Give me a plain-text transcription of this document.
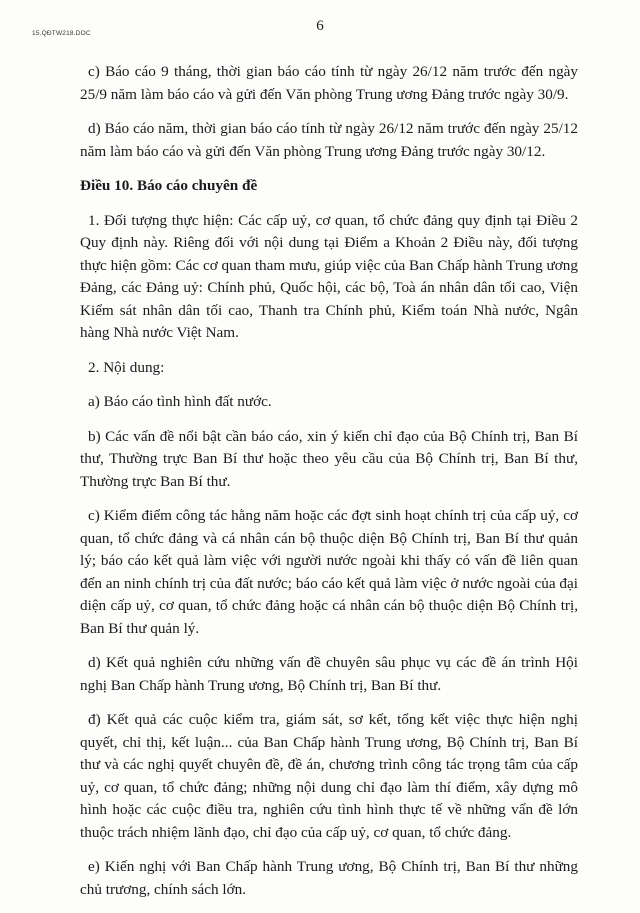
15.QĐTW218.DOC	6

c) Báo cáo 9 tháng, thời gian báo cáo tính từ ngày 26/12 năm trước đến ngày 25/9 năm làm báo cáo và gửi đến Văn phòng Trung ương Đảng trước ngày 30/9.

d) Báo cáo năm, thời gian báo cáo tính từ ngày 26/12 năm trước đến ngày 25/12 năm làm báo cáo và gửi đến Văn phòng Trung ương Đảng trước ngày 30/12.

Điều 10. Báo cáo chuyên đề

1. Đối tượng thực hiện: Các cấp uỷ, cơ quan, tổ chức đảng quy định tại Điều 2 Quy định này. Riêng đối với nội dung tại Điểm a Khoản 2 Điều này, đối tượng thực hiện gồm: Các cơ quan tham mưu, giúp việc của Ban Chấp hành Trung ương Đảng, các Đảng uỷ: Chính phủ, Quốc hội, các bộ, Toà án nhân dân tối cao, Viện Kiểm sát nhân dân tối cao, Thanh tra Chính phủ, Kiểm toán Nhà nước, Ngân hàng Nhà nước Việt Nam.

2. Nội dung:

a) Báo cáo tình hình đất nước.

b) Các vấn đề nổi bật cần báo cáo, xin ý kiến chỉ đạo của Bộ Chính trị, Ban Bí thư, Thường trực Ban Bí thư hoặc theo yêu cầu của Bộ Chính trị, Ban Bí thư, Thường trực Ban Bí thư.

c) Kiểm điểm công tác hằng năm hoặc các đợt sinh hoạt chính trị của cấp uỷ, cơ quan, tổ chức đảng và cá nhân cán bộ thuộc diện Bộ Chính trị, Ban Bí thư quản lý; báo cáo kết quả làm việc với người nước ngoài khi thấy có vấn đề liên quan đến an ninh chính trị của đất nước; báo cáo kết quả làm việc ở nước ngoài của đại diện cấp uỷ, cơ quan, tổ chức đảng hoặc cá nhân cán bộ thuộc diện Bộ Chính trị, Ban Bí thư quản lý.

d) Kết quả nghiên cứu những vấn đề chuyên sâu phục vụ các đề án trình Hội nghị Ban Chấp hành Trung ương, Bộ Chính trị, Ban Bí thư.

đ) Kết quả các cuộc kiểm tra, giám sát, sơ kết, tổng kết việc thực hiện nghị quyết, chỉ thị, kết luận... của Ban Chấp hành Trung ương, Bộ Chính trị, Ban Bí thư và các nghị quyết chuyên đề, đề án, chương trình công tác trọng tâm của cấp uỷ, cơ quan, tổ chức đảng; những nội dung chỉ đạo làm thí điểm, xây dựng mô hình hoặc các cuộc điều tra, nghiên cứu tình hình thực tế về những vấn đề lớn thuộc trách nhiệm lãnh đạo, chỉ đạo của cấp uỷ, cơ quan, tổ chức đảng.

e) Kiến nghị với Ban Chấp hành Trung ương, Bộ Chính trị, Ban Bí thư những chủ trương, chính sách lớn.
